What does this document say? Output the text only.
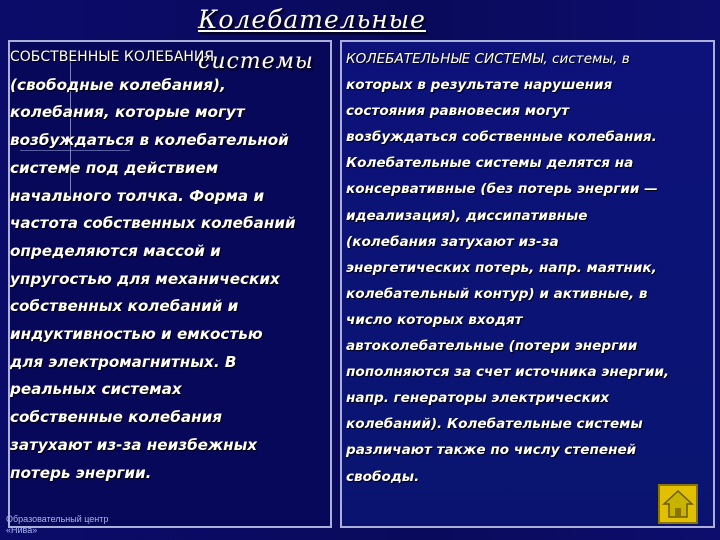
Колебательные
системы
СОБСТВЕННЫЕ КОЛЕБАНИЯ
(свободные колебания),
колебания, которые могут
возбуждаться в колебательной
системе под действием
начального толчка. Форма и
частота собственных колебаний
определяются массой и
упругостью для механических
собственных колебаний и
индуктивностью и емкостью
для электромагнитных. В
реальных системах
собственные колебания
затухают из-за неизбежных
потерь энергии.
КОЛЕБАТЕЛЬНЫЕ СИСТЕМЫ, системы, в
которых в результате нарушения
состояния равновесия могут
возбуждаться собственные колебания.
Колебательные системы делятся на
консервативные (без потерь энергии —
идеализация), диссипативные
(колебания затухают из-за
энергетических потерь, напр. маятник,
колебательный контур) и активные, в
число которых входят
автоколебательные (потери энергии
пополняются за счет источника энергии,
напр. генераторы электрических
колебаний). Колебательные системы
различают также по числу степеней
свободы.
Образовательный центр
«Нива»
